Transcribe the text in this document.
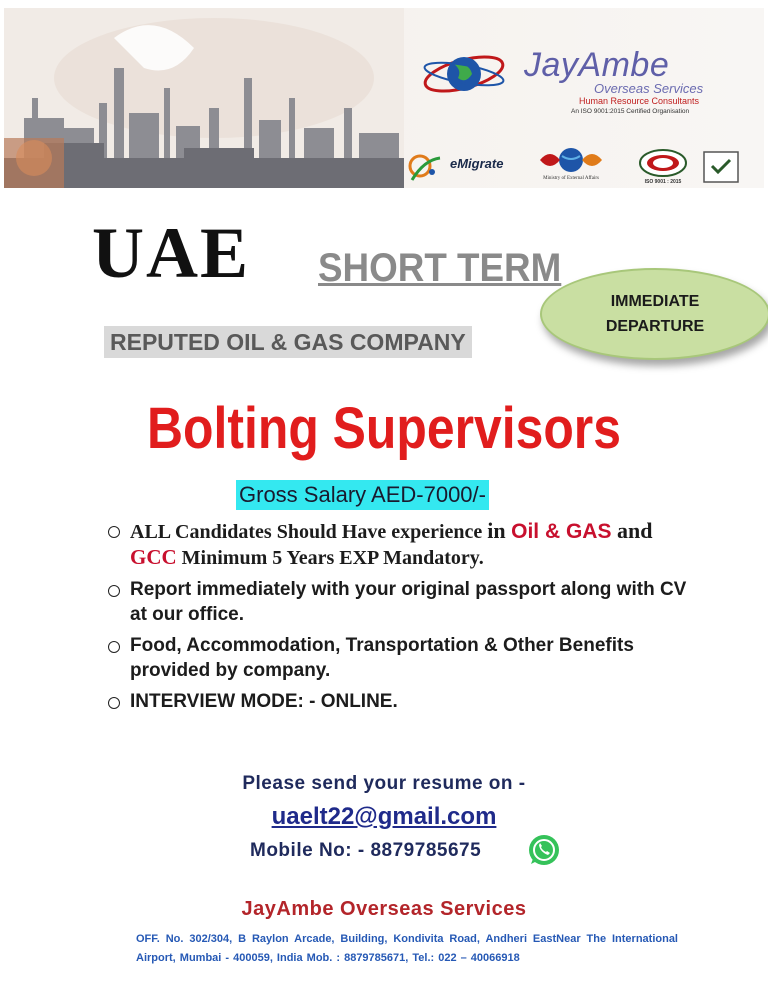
JayAmbe
Overseas Services
Human Resource Consultants
An ISO 9001:2015 Certified Organisation
eMigrate
Ministry of External Affairs
ISO 9001 : 2015
UAE SHORT TERM
REPUTED OIL & GAS COMPANY
IMMEDIATE
DEPARTURE
Bolting Supervisors
Gross Salary AED-7000/-
ALL Candidates Should Have experience in Oil & GAS and
GCC Minimum 5 Years EXP Mandatory.
Report immediately with your original passport along with CV at our office.
Food, Accommodation, Transportation & Other Benefits provided by company.
INTERVIEW MODE: - ONLINE.
Please send your resume on -
uaelt22@gmail.com
Mobile No: - 8879785675
JayAmbe Overseas Services
OFF. No. 302/304, B Raylon Arcade, Building, Kondivita Road, Andheri EastNear The International Airport, Mumbai - 400059, India Mob. : 8879785671, Tel.: 022 – 40066918
